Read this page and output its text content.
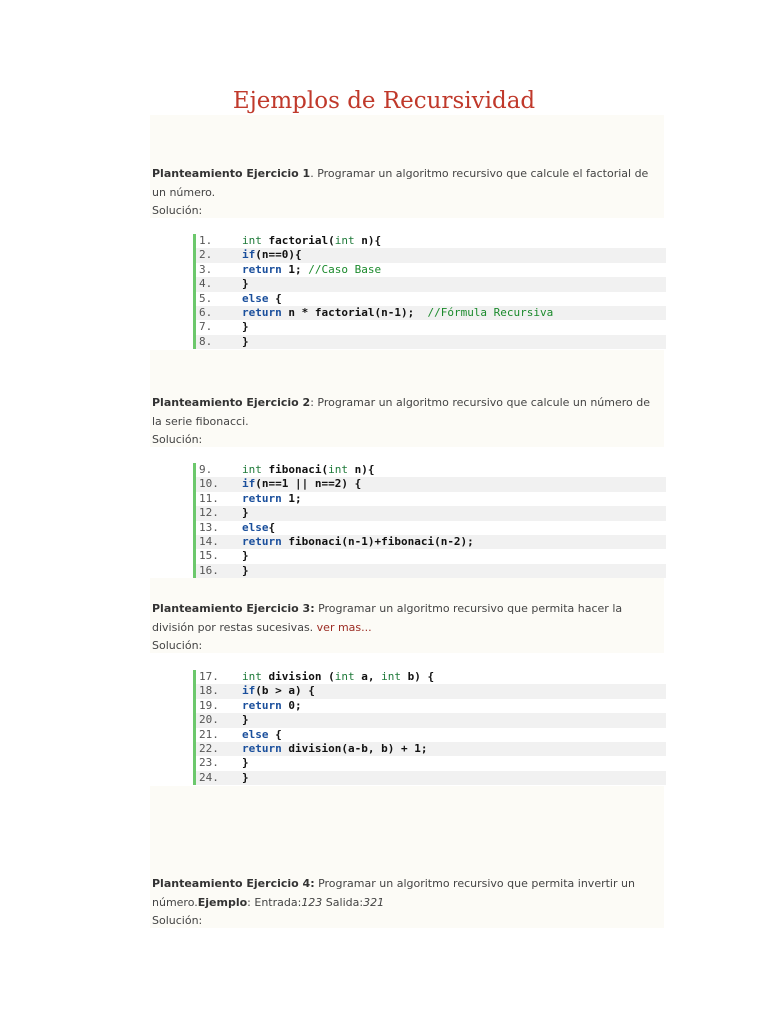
Ejemplos de Recursividad
Planteamiento Ejercicio 1. Programar un algoritmo recursivo que calcule el factorial de un número.
Solución:
1.	int factorial(int n){
2.	if(n==0){
3.	return 1; //Caso Base
4.	}
5.	else {
6.	return n * factorial(n-1);  //Fórmula Recursiva
7.	}
8.	}
Planteamiento Ejercicio 2: Programar un algoritmo recursivo que calcule un número de la serie fibonacci.
Solución:
9.	int fibonaci(int n){
10.	if(n==1 || n==2) {
11.	return 1;
12.	}
13.	else{
14.	return fibonaci(n-1)+fibonaci(n-2);
15.	}
16.	}
Planteamiento Ejercicio 3: Programar un algoritmo recursivo que permita hacer la división por restas sucesivas. ver mas...
Solución:
17.	int division (int a, int b) {
18.	if(b > a) {
19.	return 0;
20.	}
21.	else {
22.	return division(a-b, b) + 1;
23.	}
24.	}
Planteamiento Ejercicio 4: Programar un algoritmo recursivo que permita invertir un número.Ejemplo: Entrada:123 Salida:321
Solución:
